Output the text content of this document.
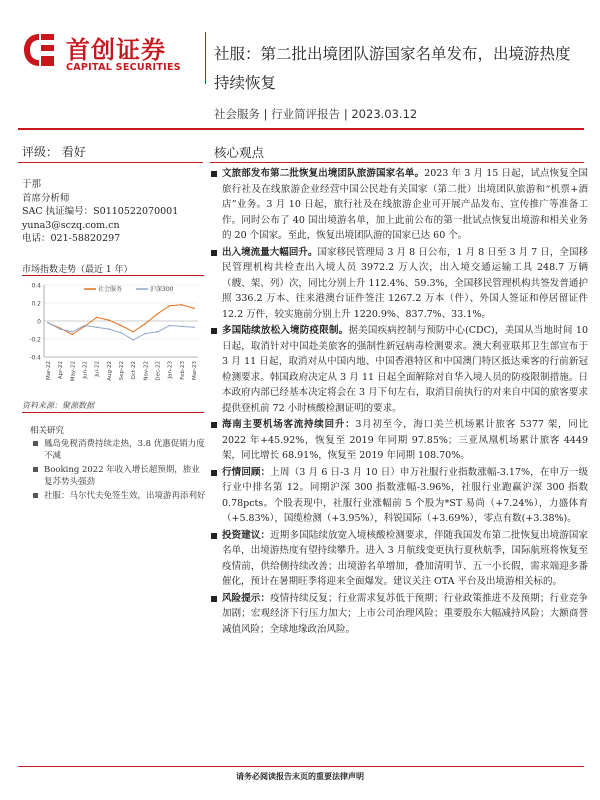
首创证券
CAPITAL SECURITIES
社服：第二批出境团队游国家名单发布，出境游热度持续恢复
社会服务 | 行业简评报告 | 2023.03.12
评级： 看好
于那
首席分析师
SAC 执证编号：S0110522070001
yuna3@sczq.com.cn
电话：021-58820297
市场指数走势（最近 1 年）
0.4
0.2
0
-0.2
-0.4
Mar-22 Apr-22 May-22 Jun-22 Jul-22 Aug-22 Sep-22 Oct-22 Nov-22 Dec-22 Jan-23 Feb-23 Mar-23
社会服务	沪深300
资料来源：聚源数据
相关研究
鳳岛免税消费持续走热，3.8 优惠促销力度不减
Booking 2022 年收入增长超预期，旅业复苏势头强劲
社服：马尔代夫免签生效，出境游再添利好
核心观点
文旅部发布第二批恢复出境团队旅游国家名单。2023 年 3 月 15 日起，试点恢复全国旅行社及在线旅游企业经营中国公民赴有关国家（第二批）出境团队旅游和“机票+酒店”业务。3 月 10 日起，旅行社及在线旅游企业可开展产品发布、宣传推广等准备工作。同时公布了 40 国出境游名单，加上此前公布的第一批试点恢复出境游和相关业务的 20 个国家。至此，恢复出境团队游的国家已达 60 个。
出入境流量大幅回升。国家移民管理局 3 月 8 日公布，1 月 8 日至 3 月 7 日，全国移民管理机构共检查出入境人员 3972.2 万人次，出入境交通运输工具 248.7 万辆（艘、架、列）次，同比分别上升 112.4%、59.3%，全国移民管理机构共签发普通护照 336.2 万本、往来港澳台证件签注 1267.2 万本（件）、外国人签证和停居留证件 12.2 万件，较实施前分别上升 1220.9%、837.7%、33.1%。
多国陆续放松入境防疫限制。据美国疾病控制与预防中心(CDC)，美国从当地时间 10 日起，取消针对中国赴美旅客的强制性新冠病毒检测要求。澳大利亚联邦卫生部宣布于 3 月 11 日起，取消对从中国内地、中国香港特区和中国澳门特区抵达乘客的行前新冠检测要求。韩国政府决定从 3 月 11 日起全面解除对自华入境人员的防疫限制措施。日本政府内部已经基本决定将会在 3 月下旬左右，取消目前执行的对来自中国的旅客要求提供登机前 72 小时核酸检测证明的要求。
海南主要机场客流持续回升：3月初至今，海口美兰机场累计旅客 5377 架，同比 2022 年+45.92%，恢复至 2019 年同期 97.85%；三亚凤凰机场累计旅客 4449 架，同比增长 68.91%，恢复至 2019 年同期 108.70%。
行情回顾：上周（3 月 6 日-3 月 10 日）申万社服行业指数涨幅-3.17%，在申万一级行业中排名第 12。同期沪深 300 指数涨幅-3.96%，社服行业跑赢沪深 300 指数 0.78pcts。个股表现中，社服行业涨幅前 5 个股为*ST 易尚（+7.24%），力盛体育（+5.83%），国缆检测（+3.95%），科锐国际（+3.69%），零点有数(+3.38%)。
投资建议：近期多国陆续放宽入境核酸检测要求，伴随我国发布第二批恢复出境游国家名单，出境游热度有望持续攀升。进入 3 月航线变更执行夏秋航季，国际航班将恢复至疫情前，供给侧持续改善；出境游名单增加，叠加清明节、五一小长假，需求端迎多番催化，预计在暑期旺季将迎来全面爆发。建议关注 OTA 平台及出境游相关标的。
风险提示：疫情持续反复；行业需求复苏低于预期；行业政策推进不及预期；行业竞争加剧；宏观经济下行压力加大；上市公司治理风险；重要股东大幅减持风险；大额商誉减值风险；全球地缘政治风险。
请务必阅读报告末页的重要法律声明
